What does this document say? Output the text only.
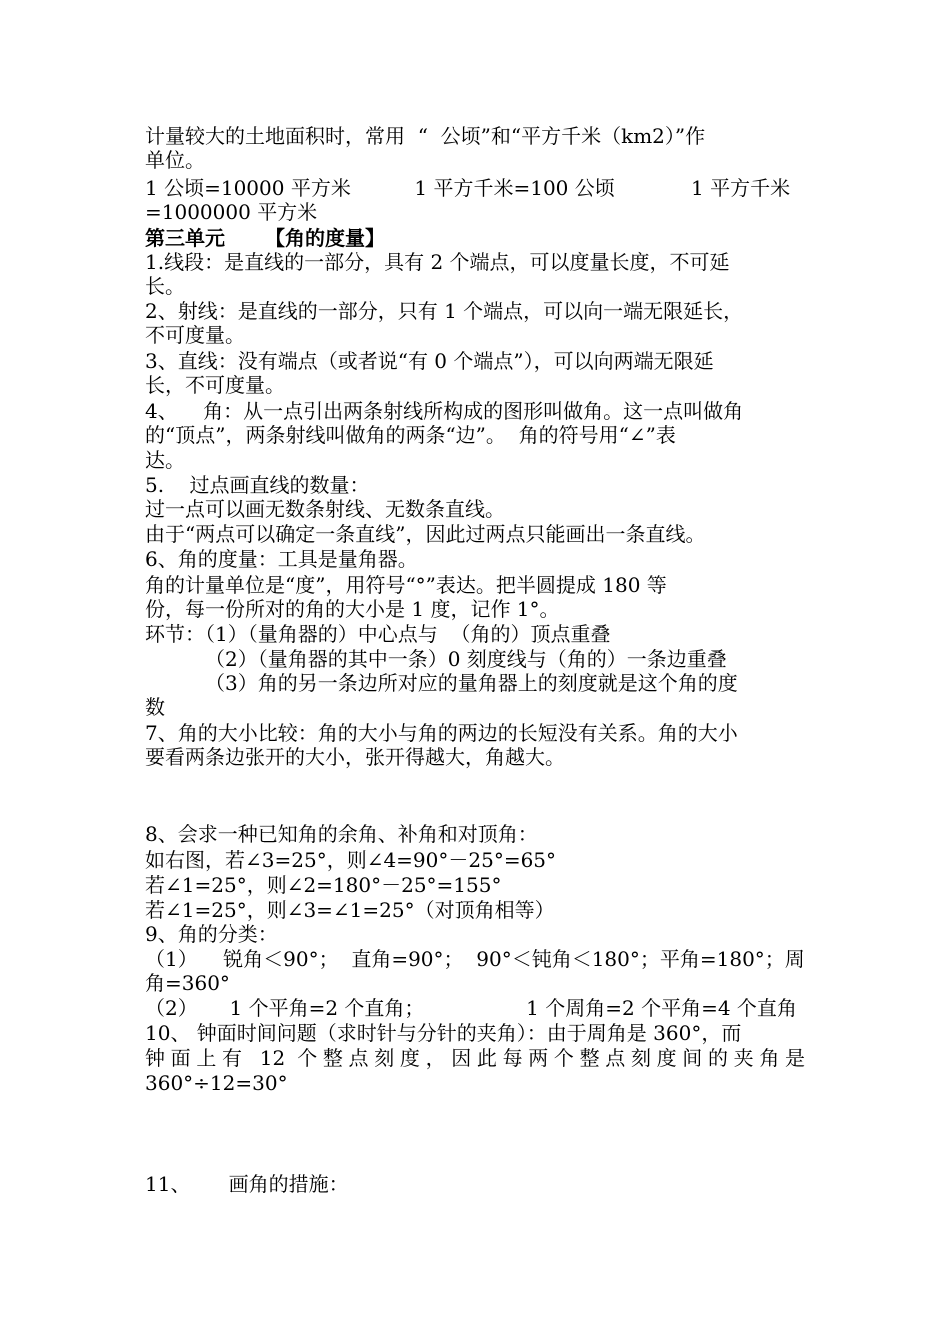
计量较大的土地面积时，常用  “  公顷”和“平方千米（km2）”作
单位。
1 公顷=10000 平方米          1 平方千米=100 公顷            1 平方千米
=1000000 平方米
第三单元 【角的度量】
1.线段：是直线的一部分，具有 2 个端点，可以度量长度，不可延
长。
2、射线：是直线的一部分，只有 1 个端点，可以向一端无限延长，
不可度量。
3、直线：没有端点（或者说“有 0 个端点”），可以向两端无限延
长，不可度量。
4、    角：从一点引出两条射线所构成的图形叫做角。这一点叫做角
的“顶点”，两条射线叫做角的两条“边”。  角的符号用“∠”表
达。
5.    过点画直线的数量：
过一点可以画无数条射线、无数条直线。
由于“两点可以确定一条直线”，因此过两点只能画出一条直线。
6、角的度量：工具是量角器。
角的计量单位是“度”，用符号“°”表达。把半圆提成 180 等
份，每一份所对的角的大小是 1 度，记作 1°。
环节：（1）（量角器的）中心点与  （角的）顶点重叠
（2）（量角器的其中一条）0 刻度线与（角的）一条边重叠
（3）角的另一条边所对应的量角器上的刻度就是这个角的度
数
7、角的大小比较：角的大小与角的两边的长短没有关系。角的大小
要看两条边张开的大小，张开得越大，角越大。
8、会求一种已知角的余角、补角和对顶角：
如右图，若∠3=25°，则∠4=90°－25°=65°
若∠1=25°，则∠2=180°－25°=155°
若∠1=25°，则∠3=∠1=25°（对顶角相等）
9、角的分类：
（1）    锐角＜90°；  直角=90°；  90°＜钝角＜180°；平角=180°；周
角=360°
（2）     1 个平角=2 个直角；                1 个周角=2 个平角=4 个直角
10、 钟面时间问题（求时针与分针的夹角）：由于周角是 360°，而
钟面上有 12 个整点刻度，因此每两个整点刻度间的夹角是
360°÷12=30°
11、      画角的措施：
